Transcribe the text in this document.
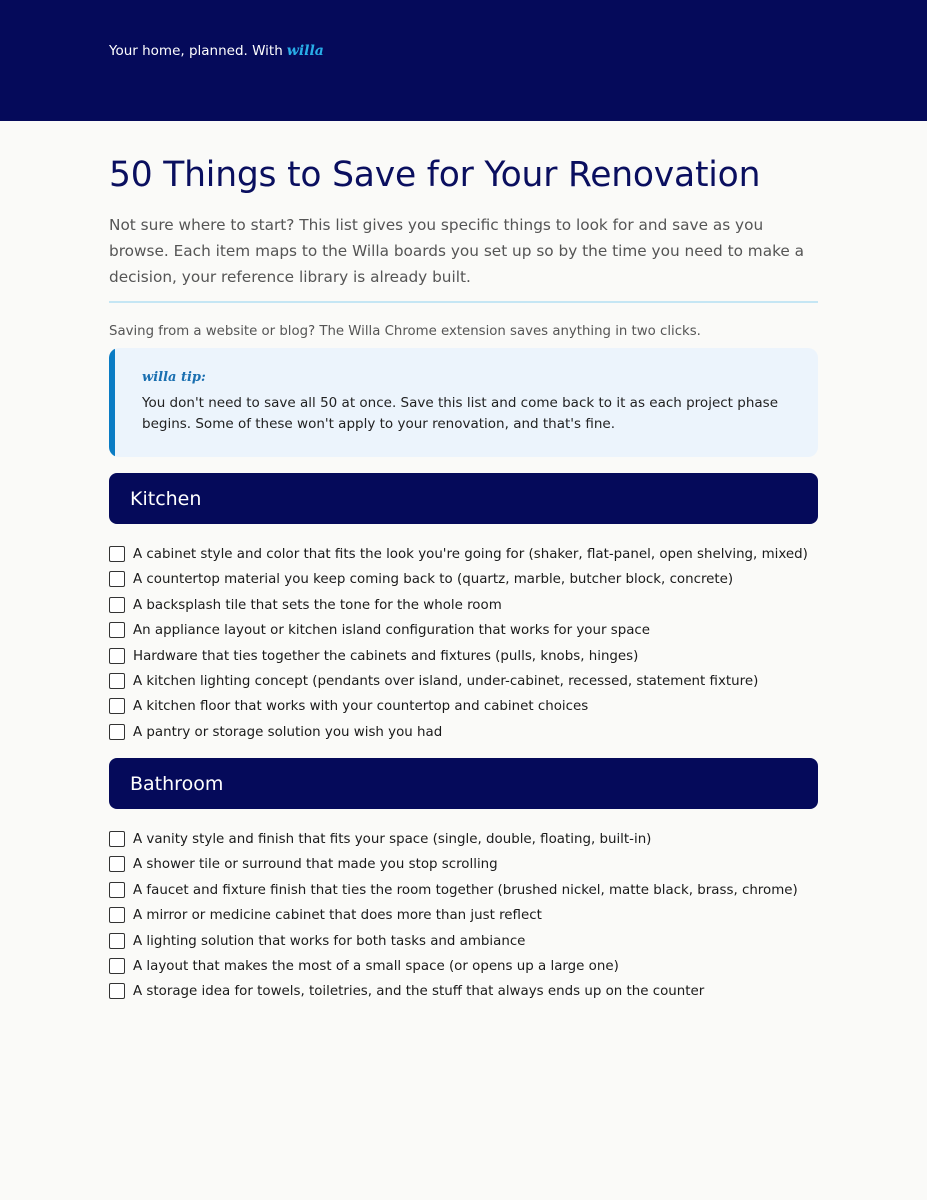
Your home, planned. With willa
50 Things to Save for Your Renovation

Not sure where to start? This list gives you specific things to look for and save as you browse. Each item maps to the Willa boards you set up so by the time you need to make a decision, your reference library is already built.

Saving from a website or blog? The Willa Chrome extension saves anything in two clicks.

willa tip:
You don't need to save all 50 at once. Save this list and come back to it as each project phase begins. Some of these won't apply to your renovation, and that's fine.
Kitchen
A cabinet style and color that fits the look you're going for (shaker, flat-panel, open shelving, mixed)
A countertop material you keep coming back to (quartz, marble, butcher block, concrete)
A backsplash tile that sets the tone for the whole room
An appliance layout or kitchen island configuration that works for your space
Hardware that ties together the cabinets and fixtures (pulls, knobs, hinges)
A kitchen lighting concept (pendants over island, under-cabinet, recessed, statement fixture)
A kitchen floor that works with your countertop and cabinet choices
A pantry or storage solution you wish you had
Bathroom
A vanity style and finish that fits your space (single, double, floating, built-in)
A shower tile or surround that made you stop scrolling
A faucet and fixture finish that ties the room together (brushed nickel, matte black, brass, chrome)
A mirror or medicine cabinet that does more than just reflect
A lighting solution that works for both tasks and ambiance
A layout that makes the most of a small space (or opens up a large one)
A storage idea for towels, toiletries, and the stuff that always ends up on the counter
